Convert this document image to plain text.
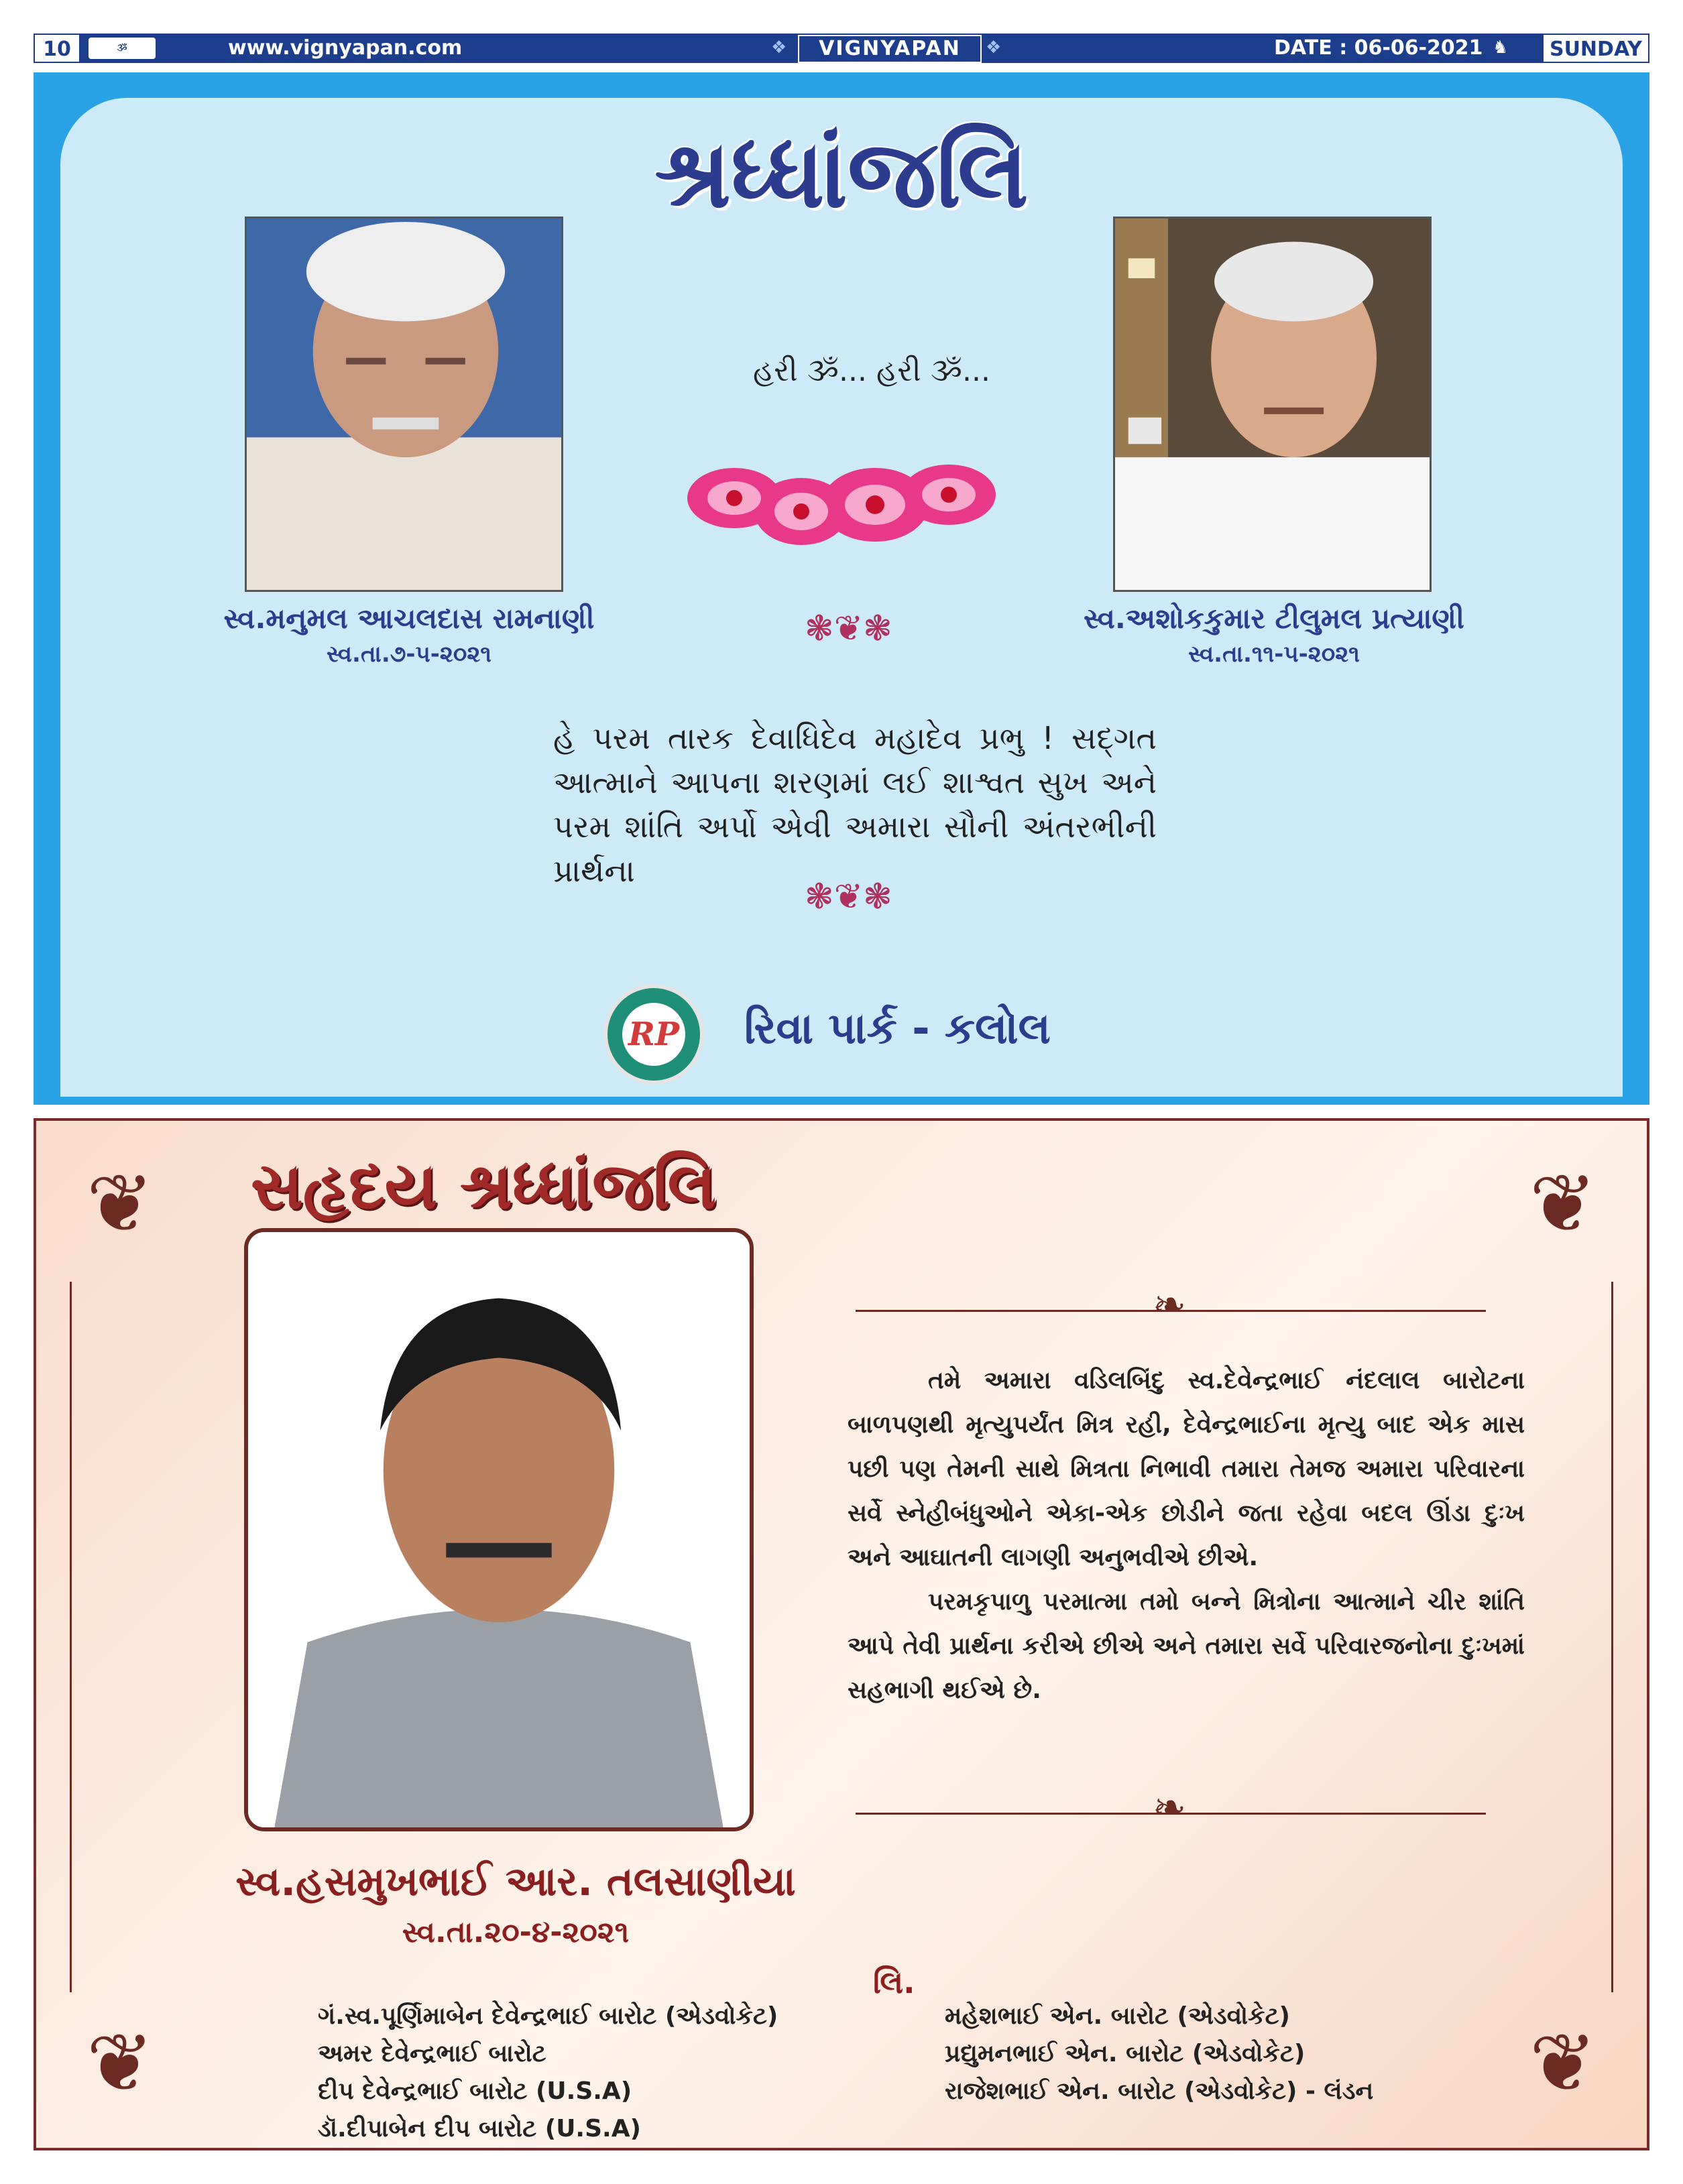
10	ૐ	www.vignyapan.com	❖	VIGNYAPAN	❖	DATE : 06-06-2021 ♞	SUNDAY
શ્રધ્ધાંજલિ
હરી ૐ... હરી ૐ...
સ્વ.મનુમલ આચલદાસ રામનાણી
સ્વ.તા.૭-૫-૨૦૨૧
સ્વ.અશોકકુમાર ટીલુમલ પ્રત્યાણી
સ્વ.તા.૧૧-૫-૨૦૨૧
❃❦❃
હે પરમ તારક દેવાધિદેવ મહાદેવ પ્રભુ ! સદ્ગત આત્માને આપના શરણમાં લઈ શાશ્વત સુખ અને પરમ શાંતિ અર્પો એવી અમારા સૌની અંતરભીની પ્રાર્થના
❃❦❃
RP રિવા પાર્ક - કલોલ
❦	❦
❦	❦
સહૃદય શ્રધ્ધાંજલિ
સ્વ.હસમુખભાઈ આર. તલસાણીયા
સ્વ.તા.૨૦-૪-૨૦૨૧
❧

તમે અમારા વડિલબિંદુ સ્વ.દેવેન્દ્રભાઈ નંદલાલ બારોટના બાળપણથી મૃત્યુપર્યંત મિત્ર રહી, દેવેન્દ્રભાઈના મૃત્યુ બાદ એક માસ પછી પણ તેમની સાથે મિત્રતા નિભાવી તમારા તેમજ અમારા પરિવારના સર્વે સ્નેહીબંધુઓને એકા-એક છોડીને જતા રહેવા બદલ ઊંડા દુઃખ અને આઘાતની લાગણી અનુભવીએ છીએ.

પરમકૃપાળુ પરમાત્મા તમો બન્ને મિત્રોના આત્માને ચીર શાંતિ આપે તેવી પ્રાર્થના કરીએ છીએ અને તમારા સર્વે પરિવારજનોના દુઃખમાં સહભાગી થઈએ છે.

❧
લિ.
ગં.સ્વ.પૂર્ણિમાબેન દેવેન્દ્રભાઈ બારોટ (એડવોકેટ)
અમર દેવેન્દ્રભાઈ બારોટ
દીપ દેવેન્દ્રભાઈ બારોટ (U.S.A)
ડૉ.દીપાબેન દીપ બારોટ (U.S.A)
મહેશભાઈ એન. બારોટ (એડવોકેટ)
પ્રદ્યુમનભાઈ એન. બારોટ (એડવોકેટ)
રાજેશભાઈ એન. બારોટ (એડવોકેટ) - લંડન
